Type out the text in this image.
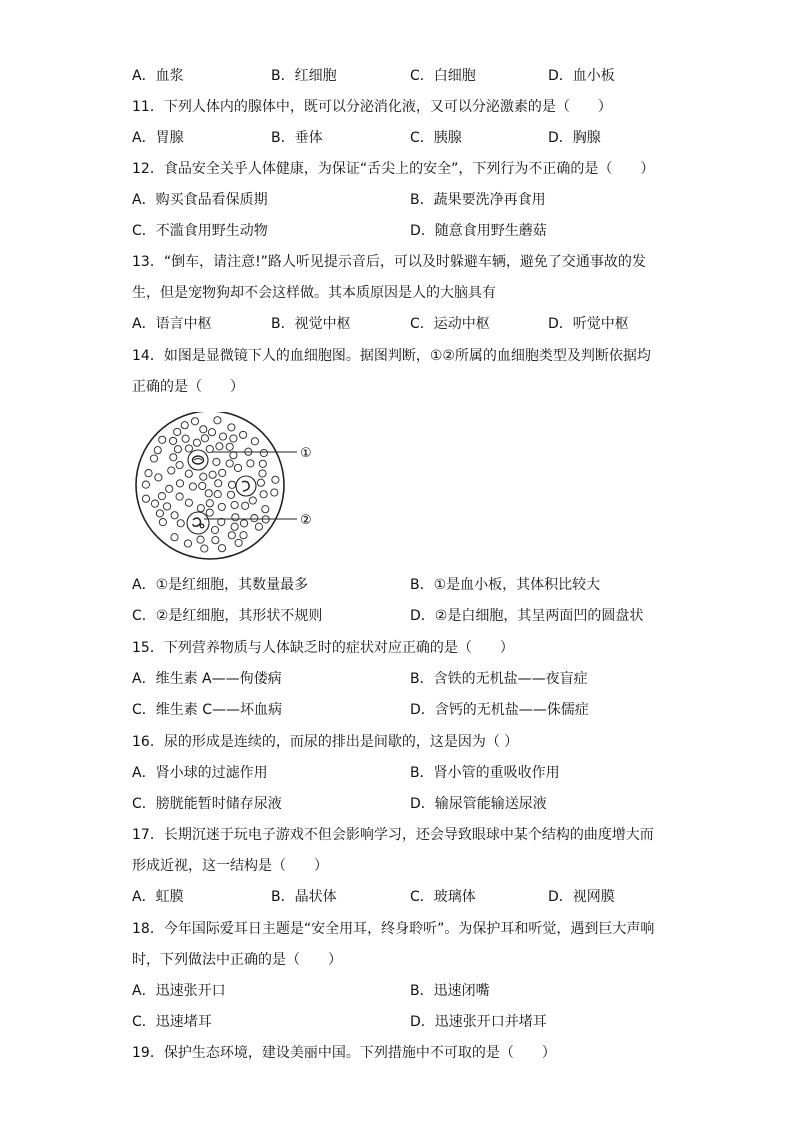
A．血浆	B．红细胞	C．白细胞	D．血小板
11．下列人体内的腺体中，既可以分泌消化液，又可以分泌激素的是（　　）
A．胃腺	B．垂体	C．胰腺	D．胸腺
12．食品安全关乎人体健康，为保证“舌尖上的安全”，下列行为不正确的是（　　）
A．购买食品看保质期	B．蔬果要洗净再食用
C．不滥食用野生动物	D．随意食用野生蘑菇
13．“倒车，请注意!”路人听见提示音后，可以及时躲避车辆，避免了交通事故的发
生，但是宠物狗却不会这样做。其本质原因是人的大脑具有
A．语言中枢	B．视觉中枢	C．运动中枢	D．听觉中枢
14．如图是显微镜下人的血细胞图。据图判断，①②所属的血细胞类型及判断依据均
正确的是（　　）
①
②
A．①是红细胞，其数量最多	B．①是血小板，其体积比较大
C．②是红细胞，其形状不规则	D．②是白细胞，其呈两面凹的圆盘状
15．下列营养物质与人体缺乏时的症状对应正确的是（　　）
A．维生素 A——佝偻病	B．含铁的无机盐——夜盲症
C．维生素 C——坏血病	D．含钙的无机盐——侏儒症
16．尿的形成是连续的，而尿的排出是间歇的，这是因为（ ）
A．肾小球的过滤作用	B．肾小管的重吸收作用
C．膀胱能暂时储存尿液	D．输尿管能输送尿液
17．长期沉迷于玩电子游戏不但会影响学习，还会导致眼球中某个结构的曲度增大而
形成近视，这一结构是（　　）
A．虹膜	B．晶状体	C．玻璃体	D．视网膜
18．今年国际爱耳日主题是“安全用耳，终身聆听”。为保护耳和听觉，遇到巨大声响
时，下列做法中正确的是（　　）
A．迅速张开口	B．迅速闭嘴
C．迅速堵耳	D．迅速张开口并堵耳
19．保护生态环境，建设美丽中国。下列措施中不可取的是（　　）
